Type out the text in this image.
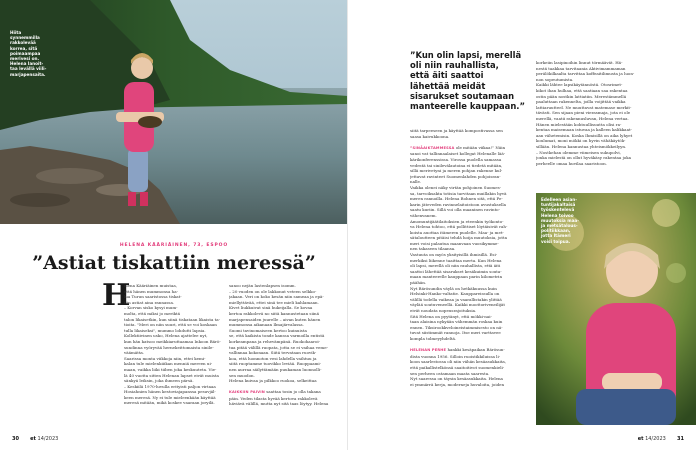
Hiita synnemmilla
rakkolevää
korrea, sitä
poimaampaa
merivesi on.
Helena lanoit-
taa levällä viili-
marjapensaita.
HELENA KÄÄRIÄINEN, 73, ESPOO
”Astiat tiskattiin meressä”
H
elena Kääriäinen muistaa,
että hänen mummonsa ha-
lua Turun saaristossa tiskat-
tiin astiat aina rannassa.
– Korvan sisko kysyi mum-
molta, että miksi jo meriktä
talon likaisetkin, kun siinä tiskataan likaista ta-
tioita. "Meri on niin suuri, että se voi koskaan
tulla likaiseksi", mummo lohdutti lapsia.
Kollektiivinen usko, Helena ajattelee nyt,
kun hän katsoo meikkiaruttaamaa Inkoon Bärö-
sundinna vyöryvää hernekeittomaista sinile-
väämätta.
Saarissa monta viikkoja niin, ettei kemi-
kalan tule mielenkiiikan menniä mereen ui-
maan, vaikka liiki tiiben joka keskuuteta. Vie-
lä 40 vuotta sitten Helenan lapset eivät muista
sänkyä leiksin, joka ihmeen pärsä.
– Keskiilä 1970-luvulla erityisti paljon virtaaa
Hosiahnien hänen kestoviajapanssa pesuvjäl-
keen meresä. Ny ei tule mieleenkään käyttää
meresä mitään, mikä koskee vaaraan joryilä.
sanoo nejän lastenlapsen isomm.
– 20 vuoden on ole lakkonut veteen selkko-
jakaan. Veri on koko kesän niin sameaa ja epä-
miellyttävää, ettei sinä tee mieli kahlamaan.
Kivet liukkuivat sinä hukeijalla. Se kovaa
kertoa rakkolevä no siitä kannustetaan siinä
marjapensaiden juurelle – aivan kuten hänen
mummonsa aikanaan Ilmajärvalassa.
Suomi tavinomaiseen kertoo kuinuista
se, että kaikista tonde kanssa varmoilla entistä
korkeampana ja rehevämpänä. Ruokohaaroi-
tua pitää välillä ruopata, jotta se ei vaihaa veme-
vallinnaa kokonaan. Siitä tervataan ruovik-
koa, että luonnoton vesi lahdella vaihtuu ja
siitä ruoptamme tuovikko leviää. Ruoppaami-
nen aurraa säilyttämään puukaman luonnolli-
sen muodon.
Helena kuivaa ja pilkkoo ruokoa, selkeittaa

KAIKKIIN PAIVIN saattaa tosin jo olla takana
päin. Veden tilasta hyvää kertova rakkolevä
häviävä välillä, mutta nyt sitä taas löytyy. Helena
30 et 14/2023
”Kun olin lapsi, merellä
oli niin rauhallista,
että äiti saattoi
lähettää meidät
sisarukset soutamaan
manteerelle kauppaan.”
siitä tarpeeseen ja käyttää kompostivassa sen
saasa kaivukkoona.

”SINÄAIKTAMMESSA ole mitään viikaa!” Näin
sanoi vat tallinnaalaiset kollegat Helenalle lää-
kärikonferenssissa. Virossa puolella samassa
vedestä tai sinilevälautoina ei tiedetä mitään,
sillä merivetyni ja meren pohjan rakenne kul-
jettavat ravinteet Suomenlahden pohjoisran-
nalle.
Vaikka olenei näky virtän pohjoinen Suomes-
sa, tarvoiksakta totisia tarvitaan muillakin hyvä
meren rannoilla. Helena Bohnen sitä, että Pe-
karin jäteveden ravinnelaitoistoon avustuksella
saatu kuriin. Sillä voi olla maaninen ravinto-
vähenvanem.
Amomuntijäätilaitoksien ja eteenkin työkonto-
va Helena tohtoo, että pollittiset löytäisivät rah-
koista auottaa itämeren puolelle. Maa- ja met-
sätaloutteen pitäisi tehdä hoija muutoksia, jotta
meri voisi palautua maanvaan vuosikymme-
nen takaseen tilaansa.
Vastuuta on myös yksityisillä ihmisillä. Esi-
merkiksi liikenne taaittaa merta. Kun Helena
oli lapsi, merellä oli niin rauhallista, että äiti
saattoi lähettää sisarukset kesäkuimin souta-
maan manteerelle kauppaan parin kilometrin
päähän.
Nyt Bärösundin väylä on hetkäkuussa kuin
Helsinki-Hanko-valtatie. Kauppareissulla on
välillä todella vaikeaa ja vaarallistakin ylittää
väylää soutuveneellä. Kaikki moottoriveneilijät
eivät noudata nopeusrajoituksia.
Sitä Helena on pyytänyt, että mökki-nai-
taan alaisina nykyään vähemmän roskaa kuin
ennen. Tiksirookkveloineistaimmisesto on nä-
tuvat siistimmät rannoja. Itse meri varttavee
kompla tolmeyyhdeltä.

HELENAN PERHE hankki kesäpaikan Bärösun-
dista vuonna 1956. Silloin ruoistikkiluissa li-
koon saarlestossa oli niin vähän kesäasukkaita,
että paikallistelkönsä saaitoitivot suomenkieli-
sen perheen ostamaan maata saaresta.
Nyt saaressa on täysin kesäasukkaita. Helena
ei ymmärrä kerja, moderneja huvaloita, joiden
korkeiin lasipinoihin linnut törmäävät. Hä-
nestä taakkaa tarvitaania Aktivimammaman
perälökilkaalta tarvittaa koffeaitilimusta ja luon-
non sopeutumista.
Kaikki lähtee lapsikäytännöstä. Otosrimet-
kikot ihan hulhaa, että saatiaan saa rakentaa
ostin pään nostkin lattiatiin. Merestämmellä
paaluttaan rakennelta, joilla voijittää vaikka
lattiaruutteel. Ne muuttavat matemase merkit-
tävästi. Sen sijaan pieni vierasmaja, jota ei ole
merellä, vaatii rakennusluvan, Helena vertaa.
Hänen mielestään kohtuullisuutta olisi ra-
kentaa maisemaan istuvaa ja kalleen kalikkaat-
aan vähetemisin. Koska Ihmisillä on aika lyhyet
koulumat, moni mökki on hyvin vähäkäytök-
sillään. Helena kannustaa yhteismökkeilyyn.
– Nostkehan olemme viimeisen sukupolvi,
jonka mielestä on ollut hyväkäsy rakentaa joka
perheelle omaa huvilaa saaristoon.
Edelleen asian-
tuntijakaltaisä
työskentelevä
Helena toivoo
muutoksia maa-
ja metsätalous-
politiikkaan,
jotta Itämeri
voisi toipua.
et 14/2023 31
